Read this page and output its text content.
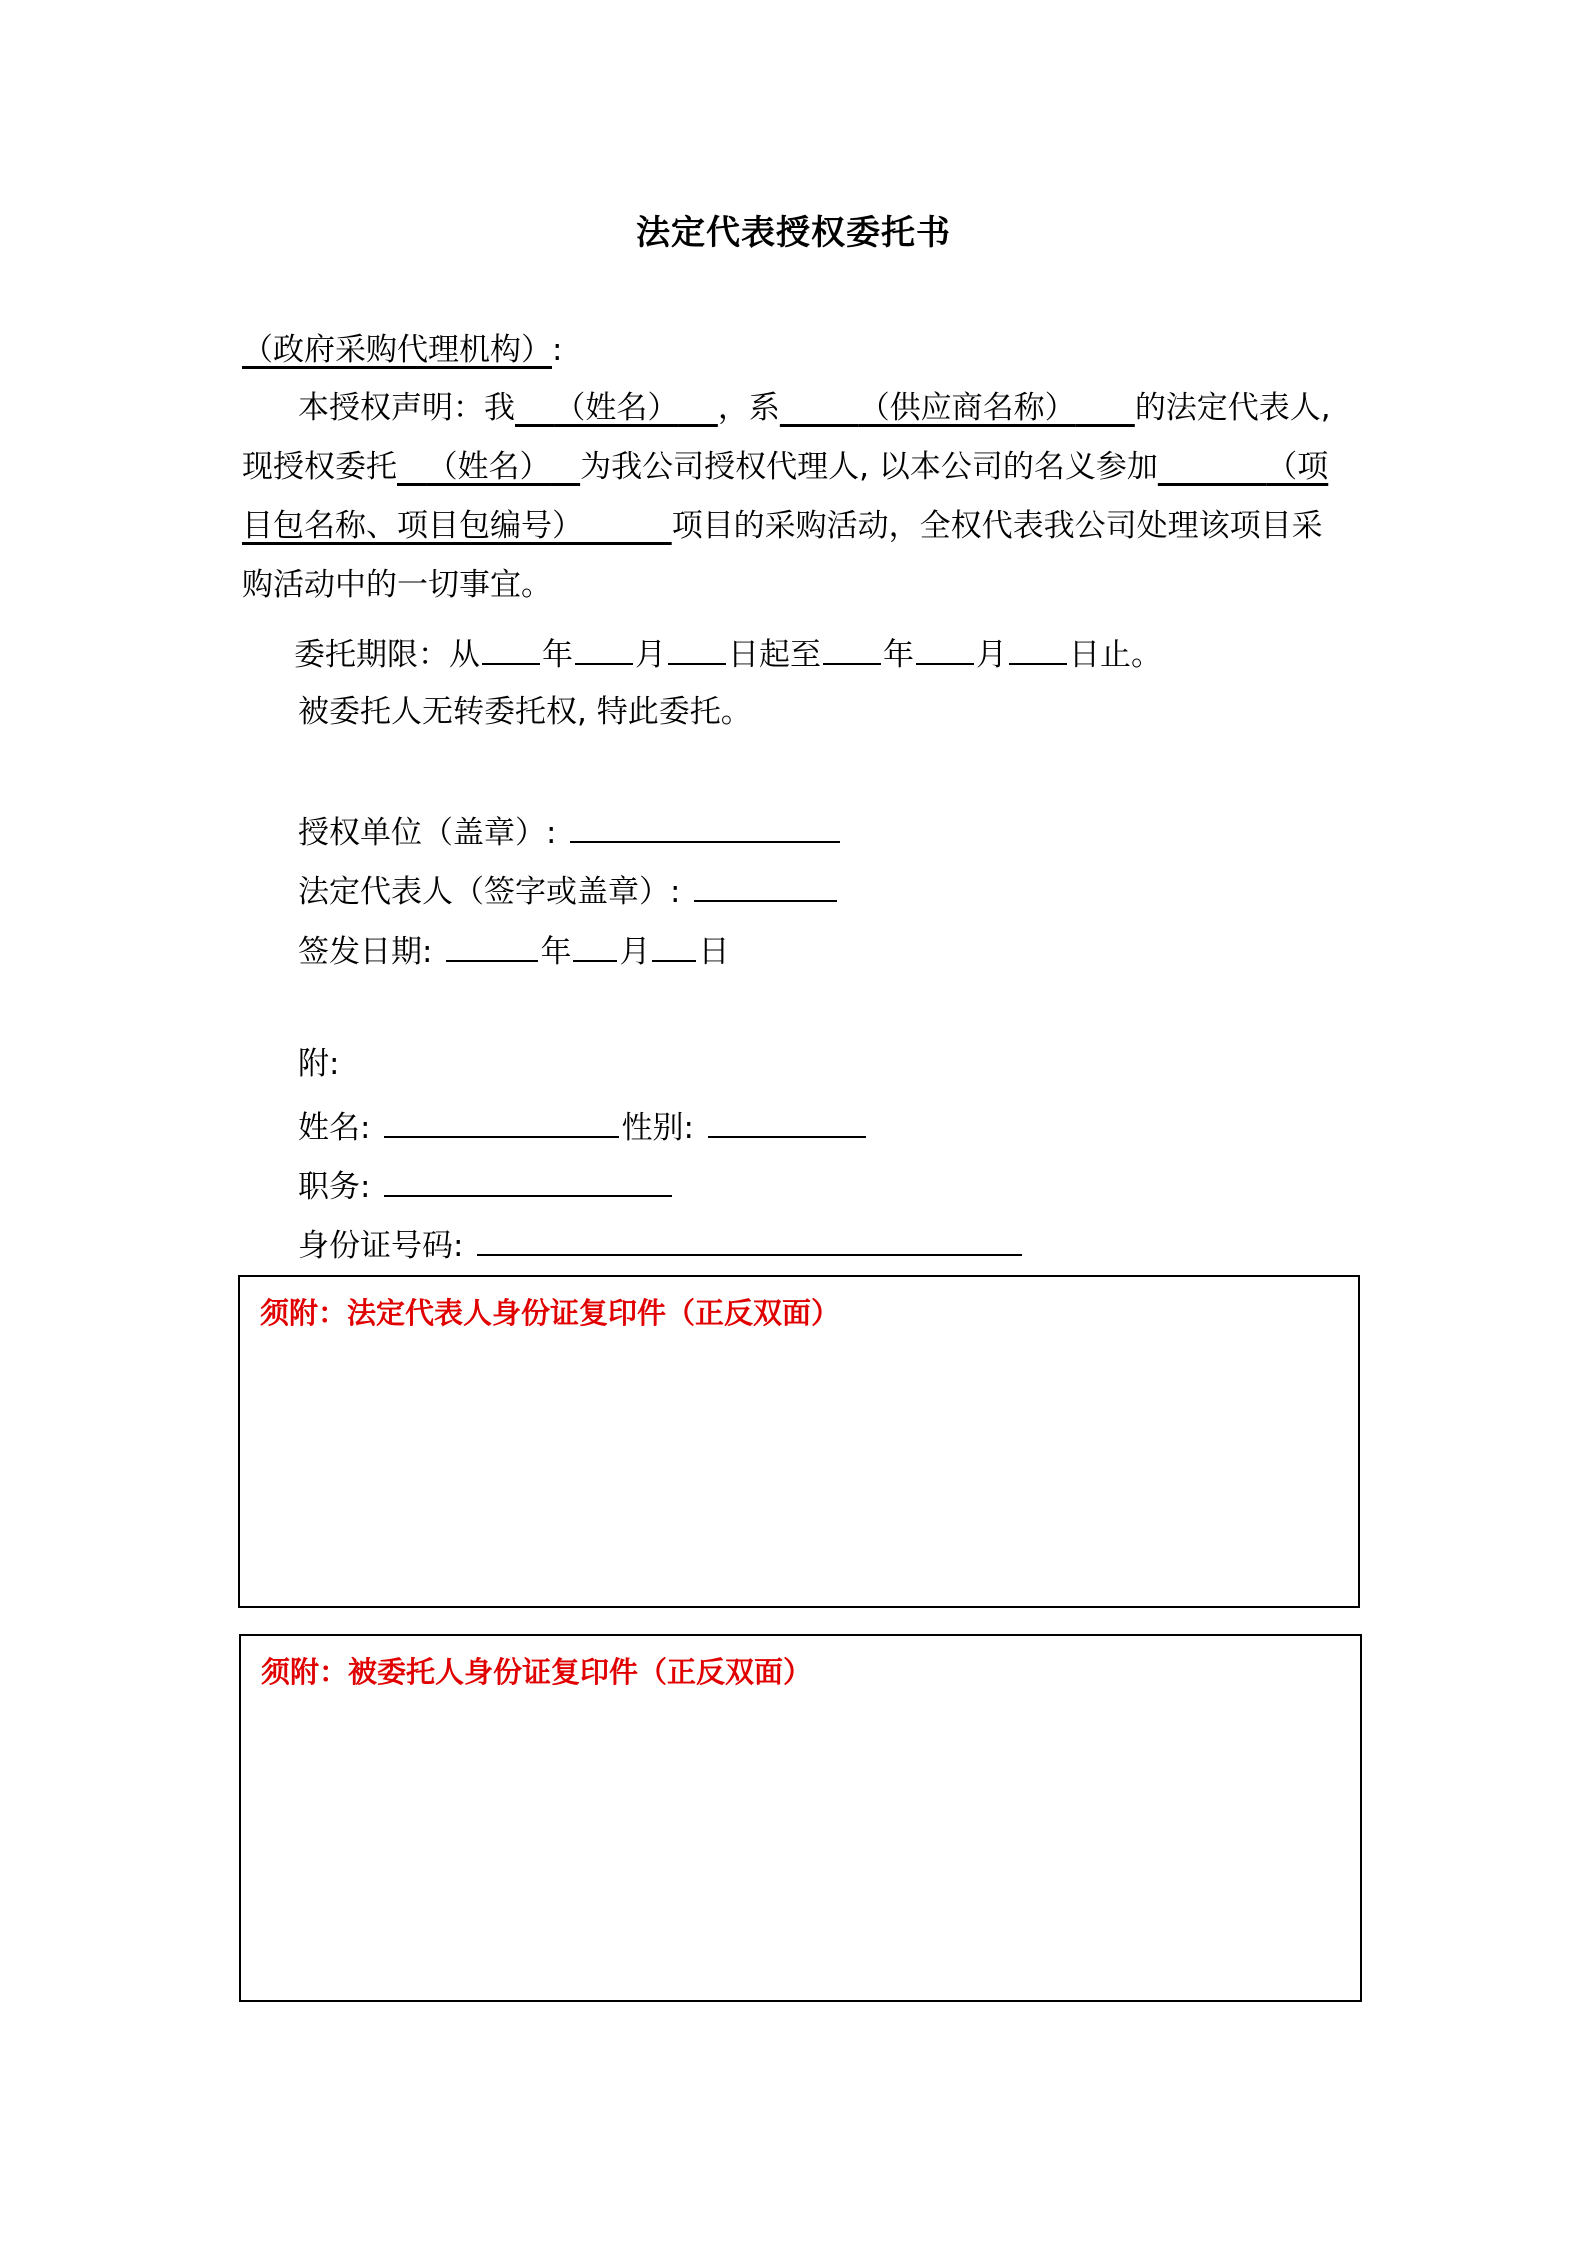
法定代表授权委托书
（政府采购代理机构）:
本授权声明：我 （姓名） ，系	（供应商名称） 的法定代表人,
现授权委托 （姓名） 为我公司授权代理人, 以本公司的名义参加	（项
目包名称、项目包编号）	项目的采购活动，全权代表我公司处理该项目采
购活动中的一切事宜。
委托期限：从 年 月 日起至 年 月 日止。
被委托人无转委托权, 特此委托。
授权单位（盖章）:
法定代表人（签字或盖章）:
签发日期:	年 月 日
附:
姓名:	性别:
职务:
身份证号码:
须附：法定代表人身份证复印件（正反双面）
须附：被委托人身份证复印件（正反双面）
